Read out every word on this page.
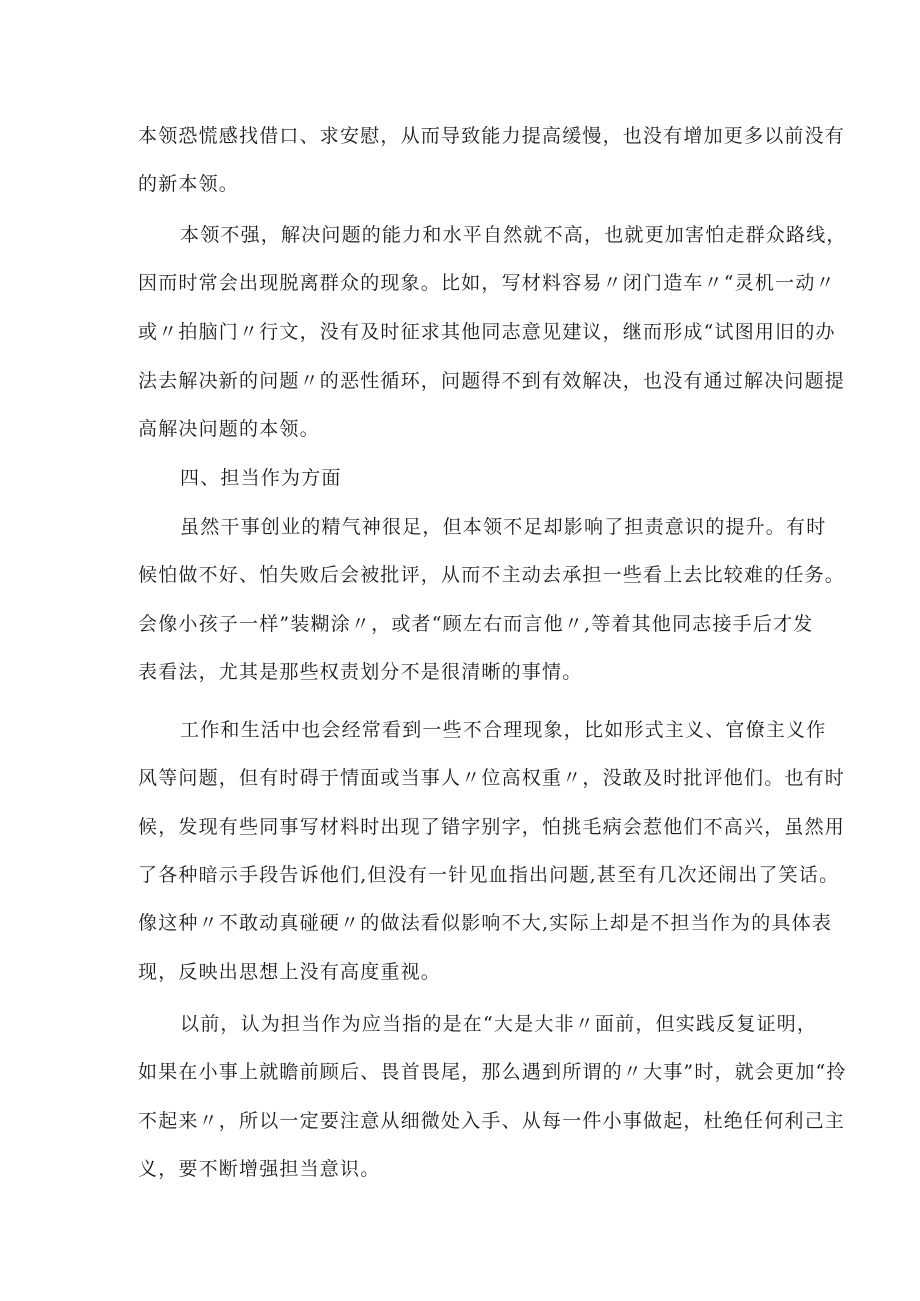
本领恐慌感找借口、求安慰，从而导致能力提高缓慢，也没有增加更多以前没有
的新本领。
本领不强，解决问题的能力和水平自然就不高，也就更加害怕走群众路线，
因而时常会出现脱离群众的现象。比如，写材料容易〃闭门造车〃“灵机一动〃
或〃拍脑门〃行文，没有及时征求其他同志意见建议，继而形成“试图用旧的办
法去解决新的问题〃的恶性循环，问题得不到有效解决，也没有通过解决问题提
高解决问题的本领。
四、担当作为方面
虽然干事创业的精气神很足，但本领不足却影响了担责意识的提升。有时
候怕做不好、怕失败后会被批评，从而不主动去承担一些看上去比较难的任务。
会像小孩子一样”装糊涂〃，或者“顾左右而言他〃,等着其他同志接手后才发
表看法，尤其是那些权责划分不是很清晰的事情。
工作和生活中也会经常看到一些不合理现象，比如形式主义、官僚主义作
风等问题，但有时碍于情面或当事人〃位高权重〃，没敢及时批评他们。也有时
候，发现有些同事写材料时出现了错字别字，怕挑毛病会惹他们不高兴，虽然用
了各种暗示手段告诉他们,但没有一针见血指出问题,甚至有几次还闹出了笑话。
像这种〃不敢动真碰硬〃的做法看似影响不大,实际上却是不担当作为的具体表
现，反映出思想上没有高度重视。
以前，认为担当作为应当指的是在“大是大非〃面前，但实践反复证明，
如果在小事上就瞻前顾后、畏首畏尾，那么遇到所谓的〃大事”时，就会更加“拎
不起来〃，所以一定要注意从细微处入手、从每一件小事做起，杜绝任何利己主
义，要不断增强担当意识。
